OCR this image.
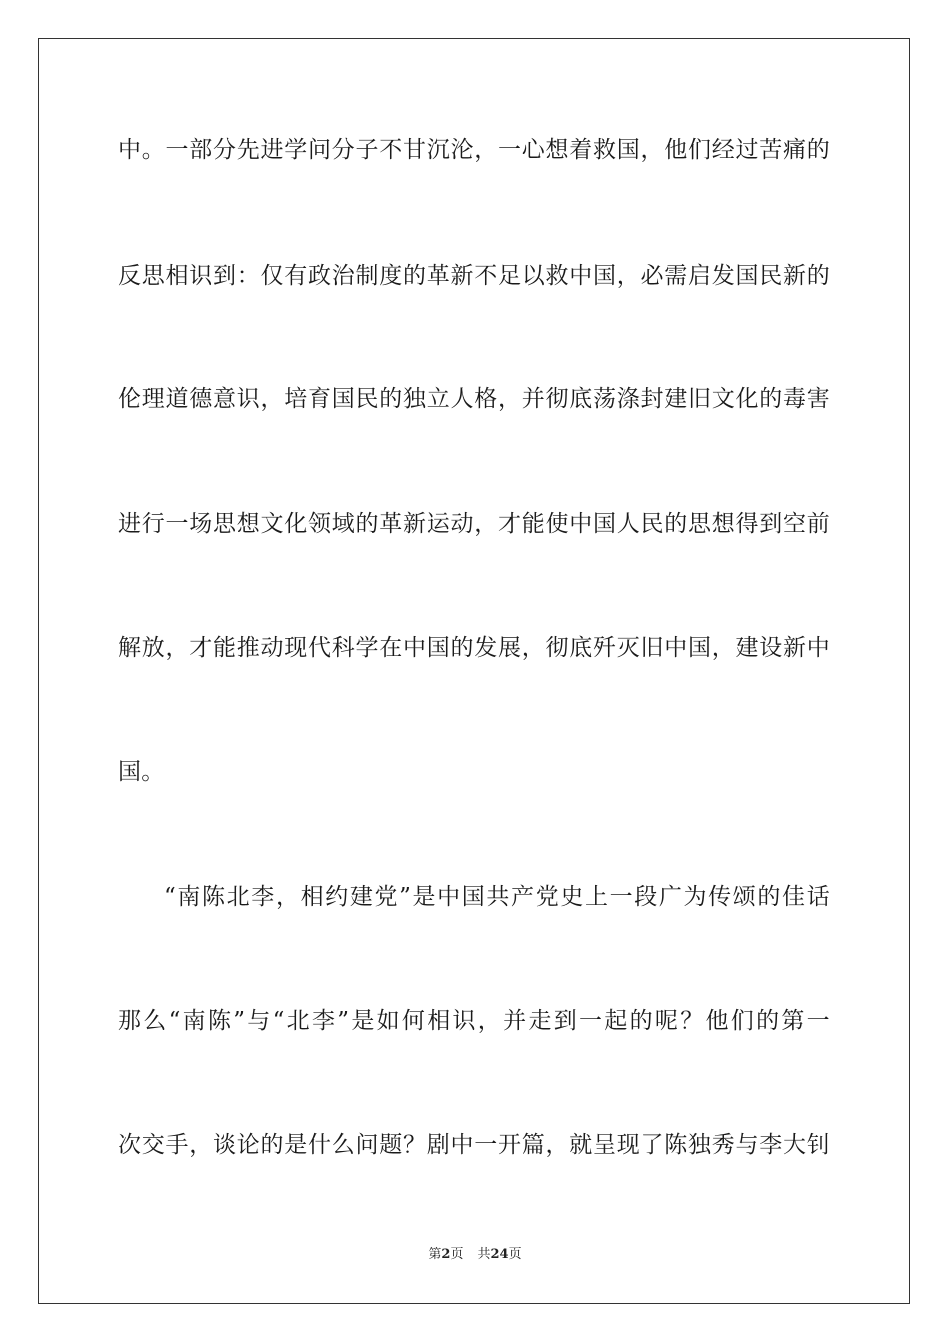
中。一部分先进学问分子不甘沉沦，一心想着救国，他们经过苦痛的
反思相识到：仅有政治制度的革新不足以救中国，必需启发国民新的
伦理道德意识，培育国民的独立人格，并彻底荡涤封建旧文化的毒害
进行一场思想文化领域的革新运动，才能使中国人民的思想得到空前
解放，才能推动现代科学在中国的发展，彻底歼灭旧中国，建设新中
国。
“南陈北李，相约建党”是中国共产党史上一段广为传颂的佳话
那么“南陈”与“北李”是如何相识，并走到一起的呢？他们的第一
次交手，谈论的是什么问题？剧中一开篇，就呈现了陈独秀与李大钊
第2页 共24页
